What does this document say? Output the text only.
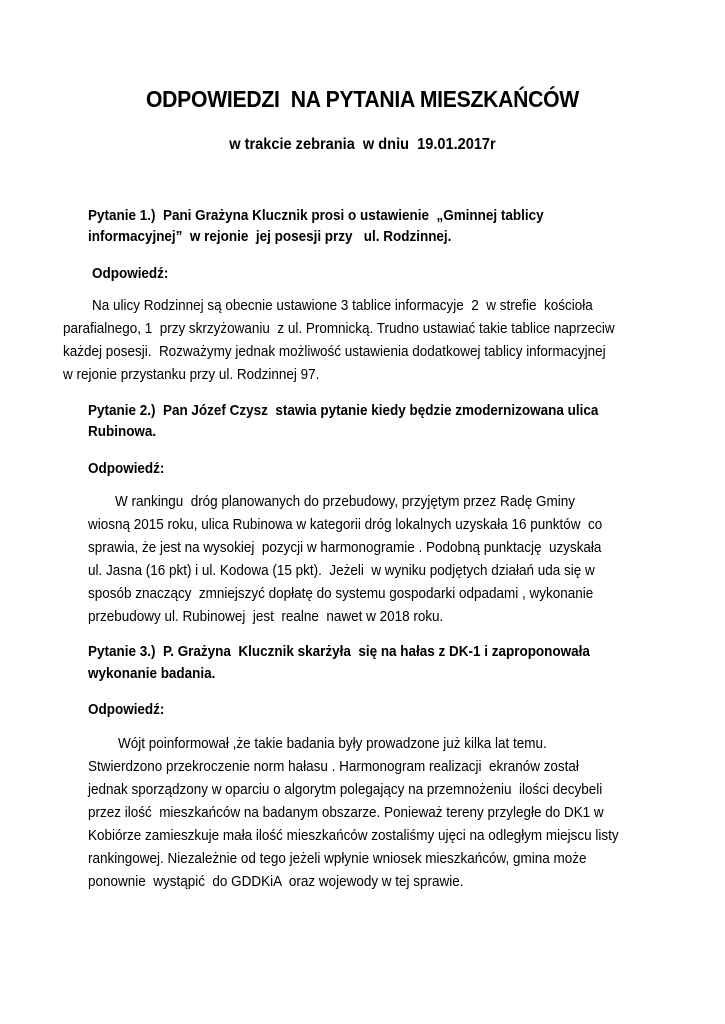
ODPOWIEDZI  NA PYTANIA MIESZKAŃCÓW
w trakcie zebrania  w dniu  19.01.2017r
Pytanie 1.)  Pani Grażyna Klucznik prosi o ustawienie  „Gminnej tablicy
informacyjnej”  w rejonie  jej posesji przy   ul. Rodzinnej.
Odpowiedź:
Na ulicy Rodzinnej są obecnie ustawione 3 tablice informacyje  2  w strefie  kościoła
parafialnego, 1  przy skrzyżowaniu  z ul. Promnicką. Trudno ustawiać takie tablice naprzeciw
każdej posesji.  Rozważymy jednak możliwość ustawienia dodatkowej tablicy informacyjnej
w rejonie przystanku przy ul. Rodzinnej 97.
Pytanie 2.)  Pan Józef Czysz  stawia pytanie kiedy będzie zmodernizowana ulica
Rubinowa.
Odpowiedź:
W rankingu  dróg planowanych do przebudowy, przyjętym przez Radę Gminy
wiosną 2015 roku, ulica Rubinowa w kategorii dróg lokalnych uzyskała 16 punktów  co
sprawia, że jest na wysokiej  pozycji w harmonogramie . Podobną punktację  uzyskała
ul. Jasna (16 pkt) i ul. Kodowa (15 pkt).  Jeżeli  w wyniku podjętych działań uda się w
sposób znaczący  zmniejszyć dopłatę do systemu gospodarki odpadami , wykonanie
przebudowy ul. Rubinowej  jest  realne  nawet w 2018 roku.
Pytanie 3.)  P. Grażyna  Klucznik skarżyła  się na hałas z DK-1 i zaproponowała
wykonanie badania.
Odpowiedź:
Wójt poinformował ,że takie badania były prowadzone już kilka lat temu.
Stwierdzono przekroczenie norm hałasu . Harmonogram realizacji  ekranów został
jednak sporządzony w oparciu o algorytm polegający na przemnożeniu  ilości decybeli
przez ilość  mieszkańców na badanym obszarze. Ponieważ tereny przyległe do DK1 w
Kobiórze zamieszkuje mała ilość mieszkańców zostaliśmy ujęci na odległym miejscu listy
rankingowej. Niezależnie od tego jeżeli wpłynie wniosek mieszkańców, gmina może
ponownie  wystąpić  do GDDKiA  oraz wojewody w tej sprawie.
